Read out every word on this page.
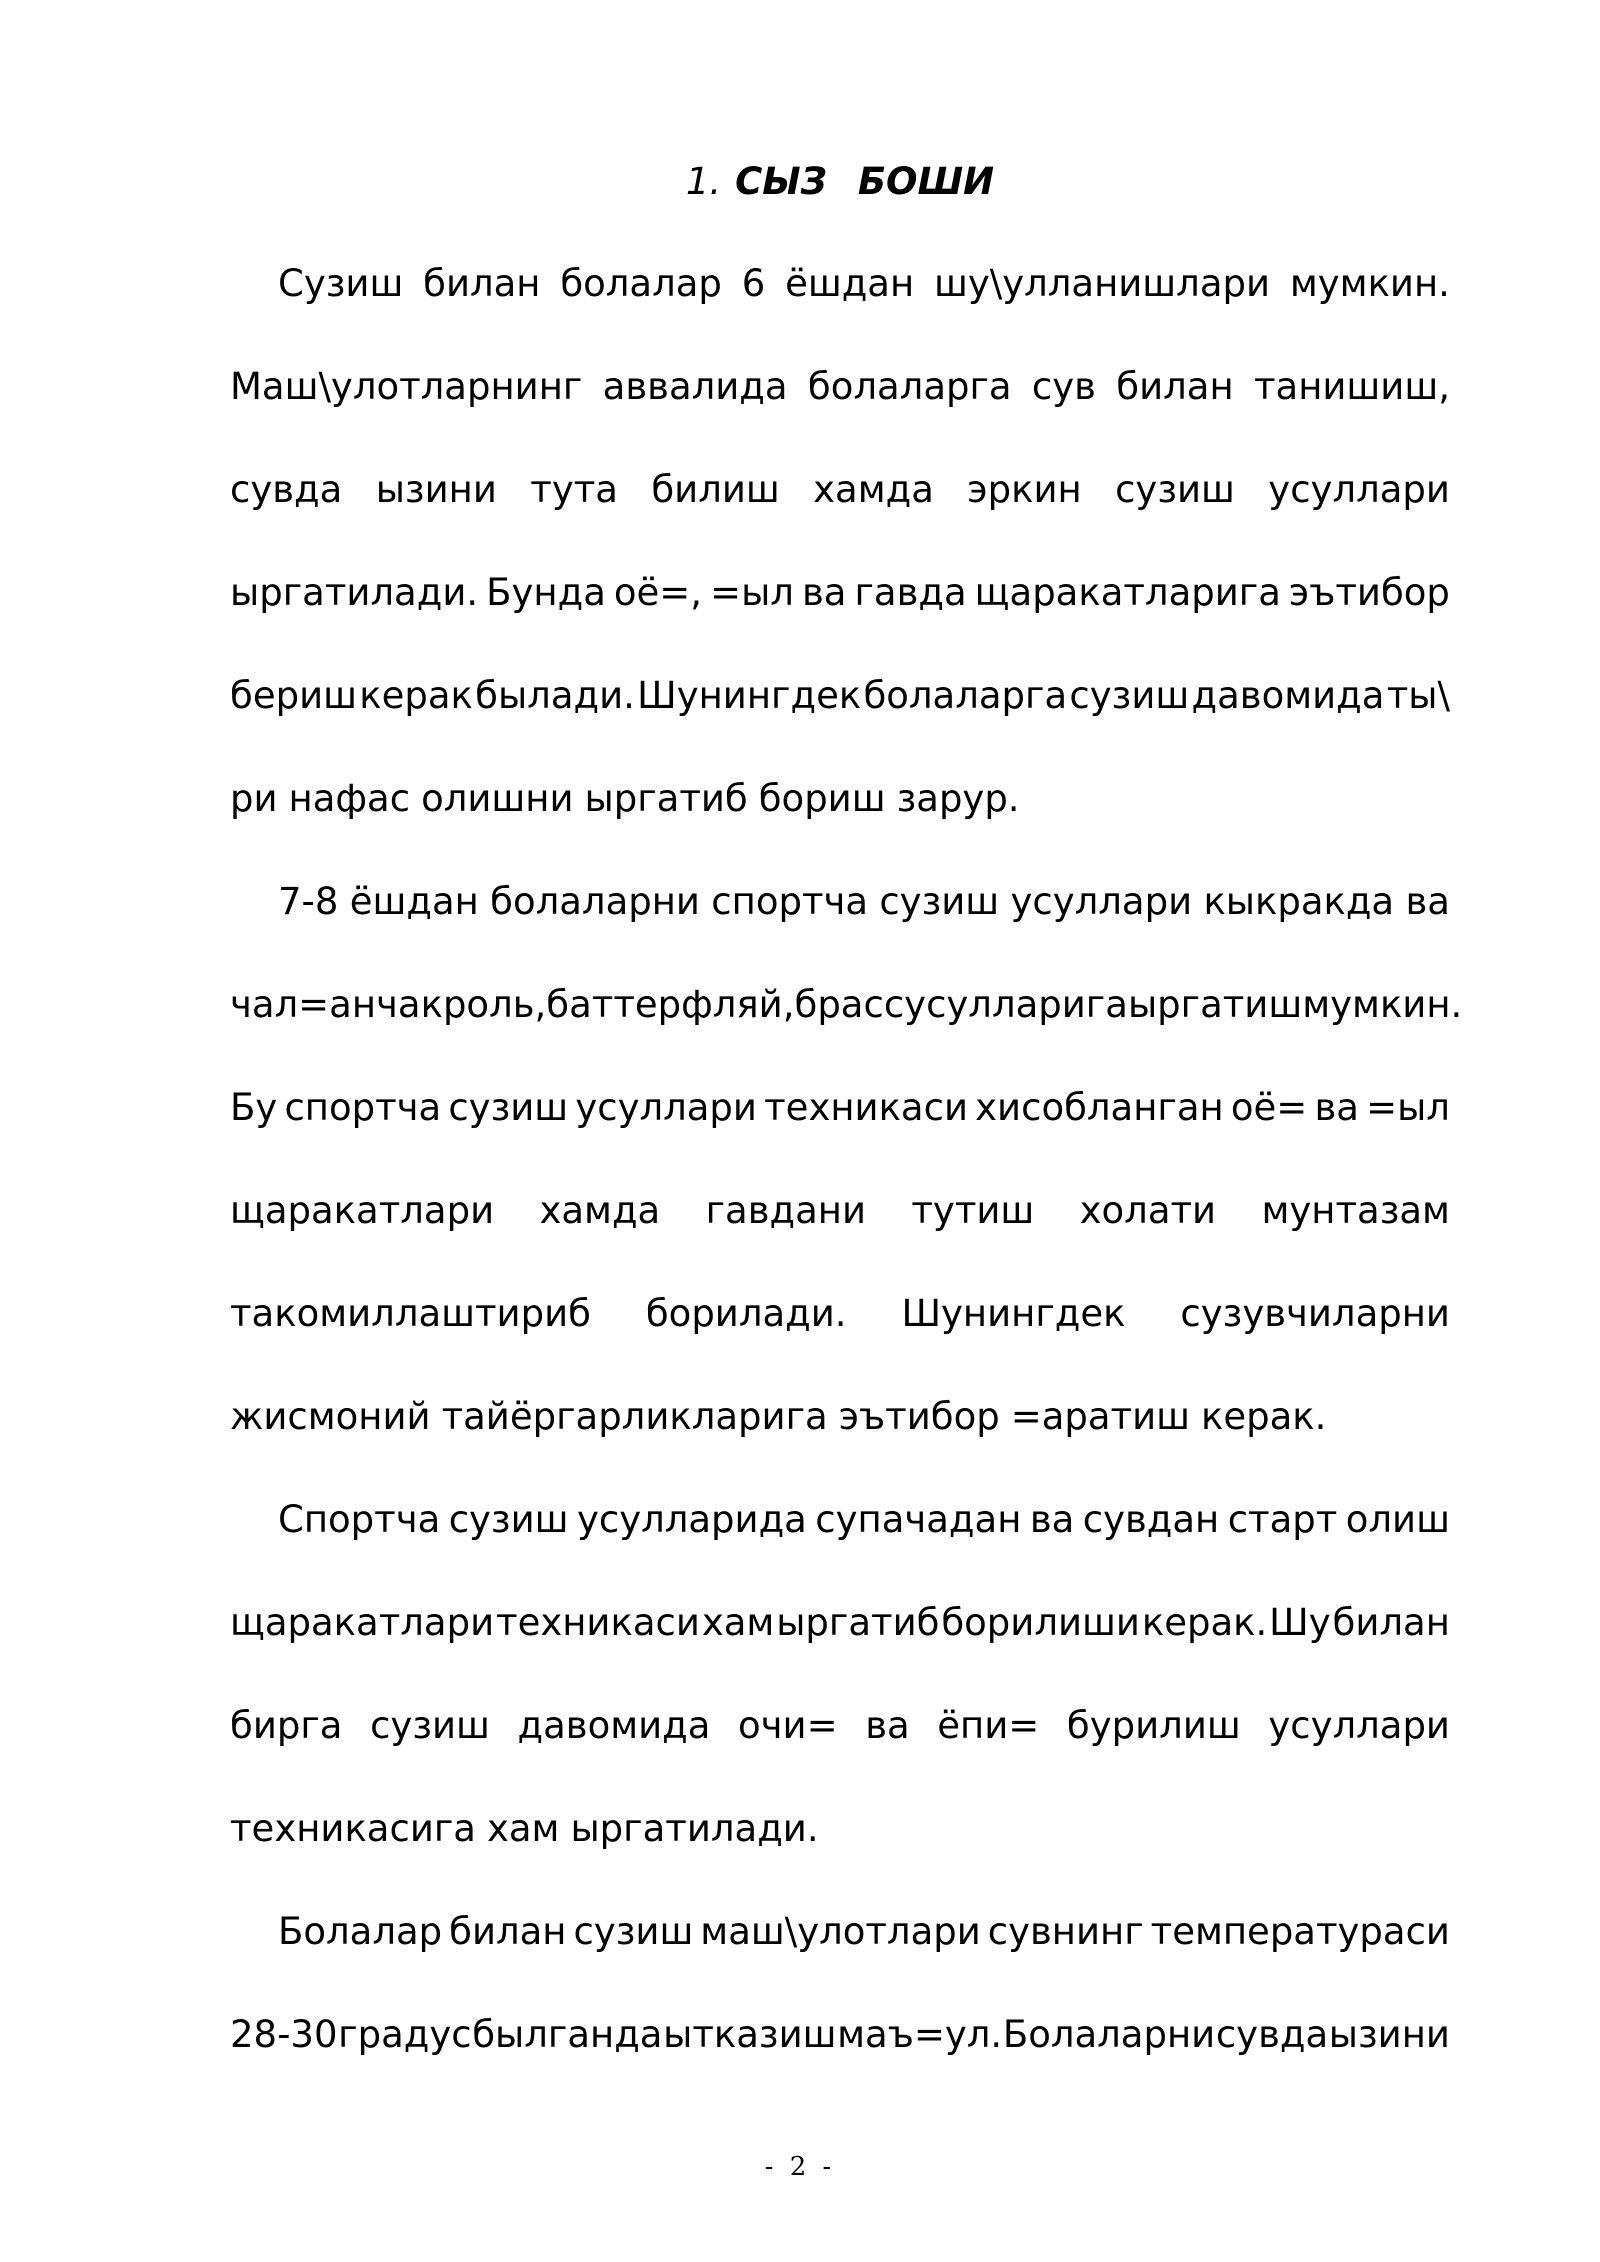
1. СЫЗ БОШИ
Сузиш билан болалар 6 ёшдан шу\улланишлари мумкин.
Маш\улотларнинг аввалида болаларга сув билан танишиш,
сувда ызини тута билиш хамда эркин сузиш усуллари
ыргатилади. Бунда оё=, =ыл ва гавда щаракатларига эътибор
бериш керак былади. Шунингдек болаларга сузиш давомида ты\
ри нафас олишни ыргатиб бориш зарур.
7-8 ёшдан болаларни спортча сузиш усуллари кыкракда ва
чал=анча кроль, баттерфляй, брасс усулларига ыргатиш мумкин.
Бу спортча сузиш усуллари техникаси хисобланган оё= ва =ыл
щаракатлари хамда гавдани тутиш холати мунтазам
такомиллаштириб борилади. Шунингдек сузувчиларни
жисмоний тайёргарликларига эътибор =аратиш керак.
Спортча сузиш усулларида супачадан ва сувдан старт олиш
щаракатлари техникаси хам ыргатиб борилиши керак. Шу билан
бирга сузиш давомида очи= ва ёпи= бурилиш усуллари
техникасига хам ыргатилади.
Болалар билан сузиш маш\улотлари сувнинг температураси
28-30 градус былганда ытказиш маъ=ул. Болаларни сувда ызини
- 2 -
